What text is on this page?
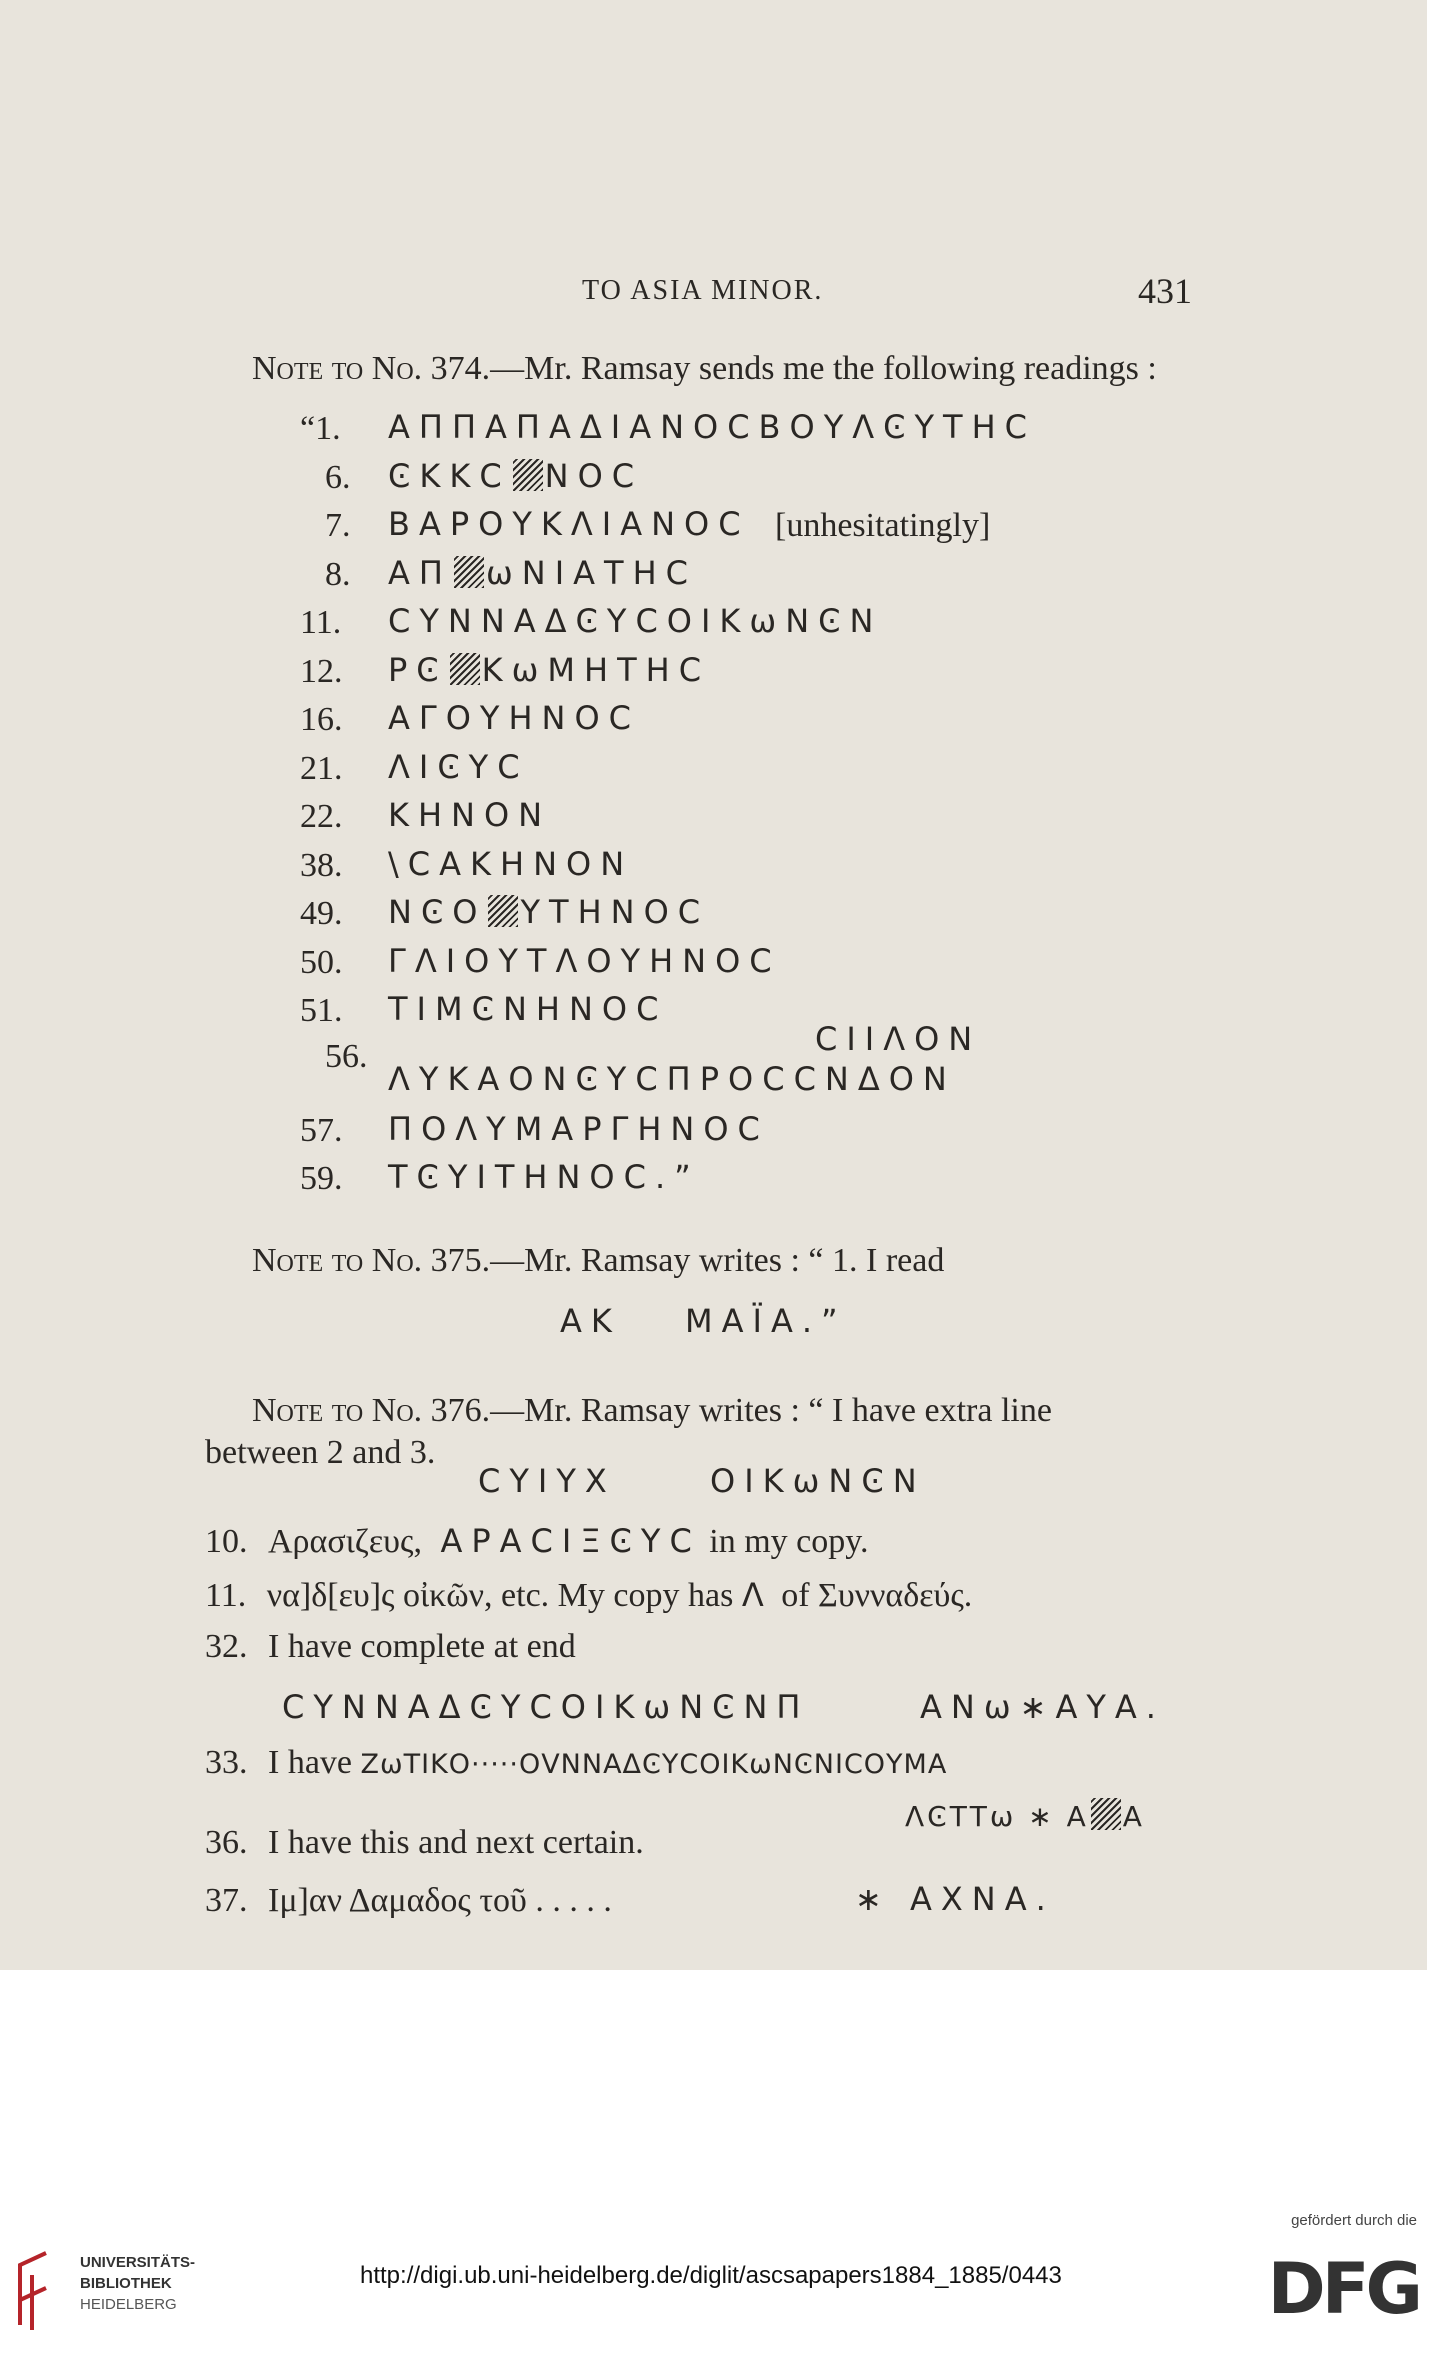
TO ASIA MINOR.	431
Note to No. 374.—Mr. Ramsay sends me the following readings :
“1. ΑΠΠΑΠΑΔΙΑΝΟϹΒΟΥΛϾΥΤΗϹ
6. ϾΚΚϹ ΝΟϹ
7. ΒΑΡΟΥΚΛΙΑΝΟϹ [unhesitatingly]
8. ΑΠ ωΝΙΑΤΗϹ
11. ϹΥΝΝΑΔϾΥϹΟΙΚωΝϾΝ
12. ΡϾ ΚωΜΗΤΗϹ
16. ΑΓΟΥΗΝΟϹ
21. ΛΙϾΥϹ
22. ΚΗΝΟΝ
38. \ϹΑΚΗΝΟΝ
49. ΝϾΟ ΥΤΗΝΟϹ
50. ΓΛΙΟΥΤΛΟΥΗΝΟϹ
51. ΤΙΜϾΝΗΝΟϹ
56.	ϹΙΙΛΟΝ
ΛΥΚΑΟΝϾΥϹΠΡΟϹϹΝΔΟΝ
57. ΠΟΛΥΜΑΡΓΗΝΟϹ
59. ΤϾΥΙΤΗΝΟϹ.”
Note to No. 375.—Mr. Ramsay writes : “ 1. I read
ΑΚ ΜΑΪΑ.”
Note to No. 376.—Mr. Ramsay writes : “ I have extra line
between 2 and 3.
ϹΥΙΥΧ	ΟΙΚωΝϾΝ
10. Αρασιζευς, ΑΡΑϹΙΞϾΥϹ in my copy.
11. να]δ[ευ]ς οἰκῶν, etc. My copy has Λ of Συνναδεύς.
32. I have complete at end
ϹΥΝΝΑΔϾΥϹΟΙΚωΝϾΝΠ	ΑΝω∗ΑΥΑ.
33. I have ΖωΤΙΚΟ·····ΟVΝΝΑΔϾΥϹΟΙΚωΝϾΝΙϹΟΥΜΑ
ΛϾΤΤω ∗ Α Α
36. I have this and next certain.
37. Ιμ]αν Δαμαδος τοῦ . . . . .	∗ ΑΧΝΑ.
UNIVERSITÄTS-
BIBLIOTHEK
HEIDELBERG
http://digi.ub.uni-heidelberg.de/diglit/ascsapapers1884_1885/0443
gefördert durch die
DFG
